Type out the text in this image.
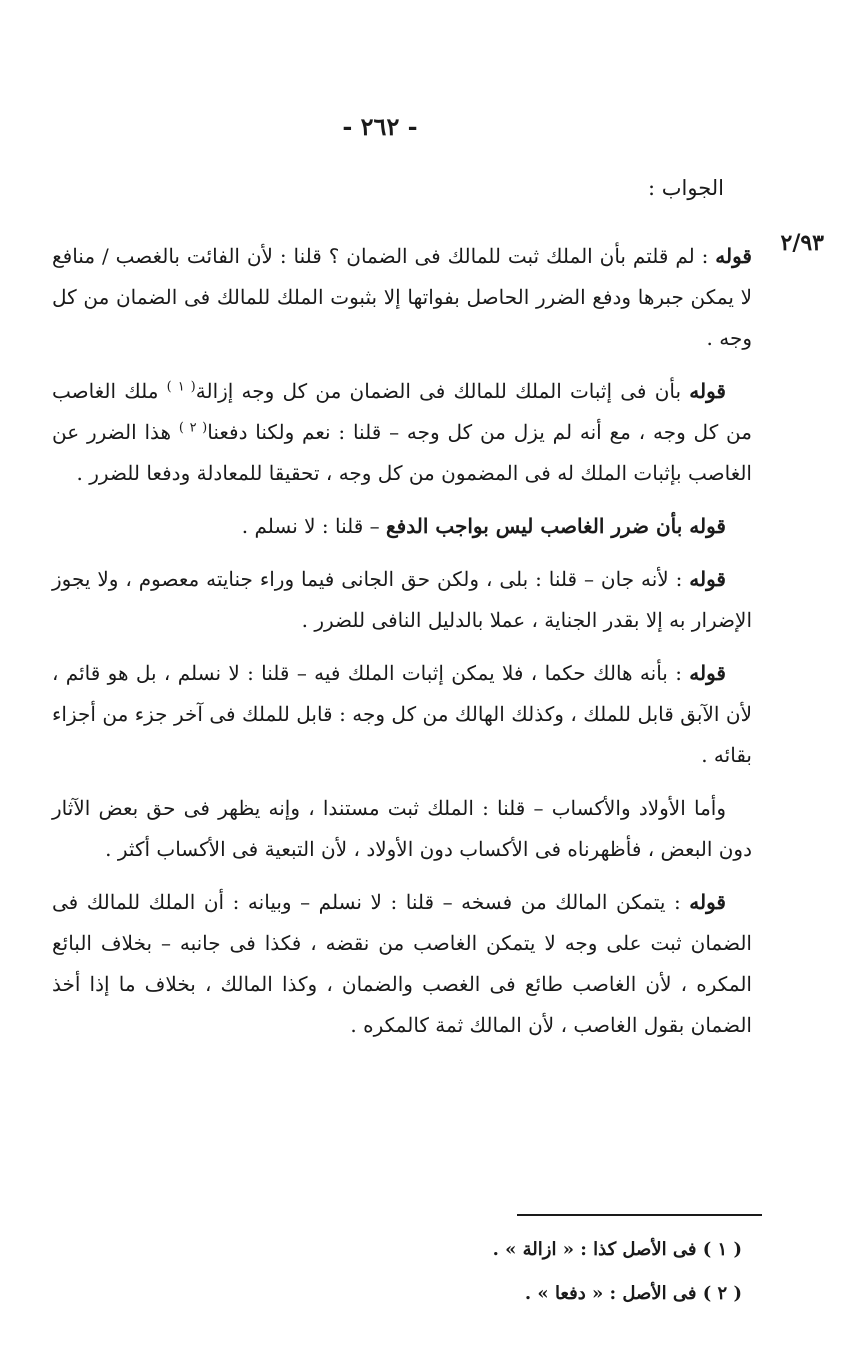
- ٢٦٢ -
الجواب :
٢/٩٣

قوله : لم قلتم بأن الملك ثبت للمالك فى الضمان ؟ قلنا : لأن الفائت بالغصب / منافع لا يمكن جبرها ودفع الضرر الحاصل بفواتها إلا بثبوت الملك للمالك فى الضمان من كل وجه .

قوله بأن فى إثبات الملك للمالك فى الضمان من كل وجه إزالة$^{( ١ )}$ ملك الغاصب من كل وجه ، مع أنه لم يزل من كل وجه – قلنا : نعم ولكنا دفعنا$^{( ٢ )}$ هذا الضرر عن الغاصب بإثبات الملك له فى المضمون من كل وجه ، تحقيقا للمعادلة ودفعا للضرر .

قوله بأن ضرر الغاصب ليس بواجب الدفع – قلنا : لا نسلم .

قوله : لأنه جان – قلنا : بلى ، ولكن حق الجانى فيما وراء جنايته معصوم ، ولا يجوز الإضرار به إلا بقدر الجناية ، عملا بالدليل النافى للضرر .

قوله : بأنه هالك حكما ، فلا يمكن إثبات الملك فيه – قلنا : لا نسلم ، بل هو قائم ، لأن الآبق قابل للملك ، وكذلك الهالك من كل وجه : قابل للملك فى آخر جزء من أجزاء بقائه .

وأما الأولاد والأكساب – قلنا : الملك ثبت مستندا ، وإنه يظهر فى حق بعض الآثار دون البعض ، فأظهرناه فى الأكساب دون الأولاد ، لأن التبعية فى الأكساب أكثر .

قوله : يتمكن المالك من فسخه – قلنا : لا نسلم – وبيانه : أن الملك للمالك فى الضمان ثبت على وجه لا يتمكن الغاصب من نقضه ، فكذا فى جانبه – بخلاف البائع المكره ، لأن الغاصب طائع فى الغصب والضمان ، وكذا المالك ، بخلاف ما إذا أخذ الضمان بقول الغاصب ، لأن المالك ثمة كالمكره .

( ١ ) فى الأصل كذا : « ازالة » .

( ٢ ) فى الأصل : « دفعا » .
